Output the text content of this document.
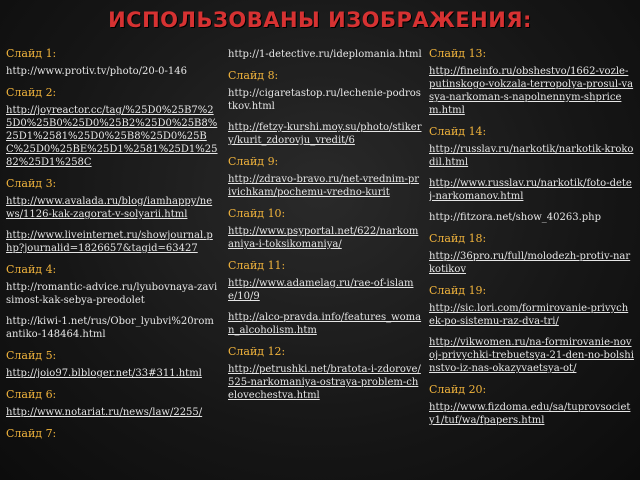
ИСПОЛЬЗОВАНЫ ИЗОБРАЖЕНИЯ:
Слайд 1:
http://www.protiv.tv/photo/20-0-146
Слайд 2:
http://joyreactor.cc/tag/%25D0%25B7%25D0%25B0%25D0%25B2%25D0%25B8%25D1%2581%25D0%25B8%25D0%25BC%25D0%25BE%25D1%2581%25D1%2582%25D1%258C
Слайд 3:
http://www.avalada.ru/blog/iamhappy/news/1126-kak-zagorat-v-solyarii.html
http://www.liveinternet.ru/showjournal.php?journalid=1826657&tagid=63427
Слайд 4:
http://romantic-advice.ru/lyubovnaya-zavisimost-kak-sebya-preodolet
http://kiwi-1.net/rus/Obor_lyubvi%20romantiko-148464.html
Слайд 5:
http://joio97.blbloger.net/33#311.html
Слайд 6:
http://www.notariat.ru/news/law/2255/
Слайд 7:
http://1-detective.ru/ideplomania.html
Слайд 8:
http://cigaretastop.ru/lechenie-podrostkov.html
http://fetzy-kurshi.moy.su/photo/stikery/kurit_zdorovju_vredit/6
Слайд 9:
http://zdravo-bravo.ru/net-vrednim-privichkam/pochemu-vredno-kurit
Слайд 10:
http://www.psyportal.net/622/narkomaniya-i-toksikomaniya/
Слайд 11:
http://www.adamelag.ru/rae-of-islame/10/9
http://alco-pravda.info/features_woman_alcoholism.htm
Слайд 12:
http://petrushki.net/bratota-i-zdorove/525-narkomaniya-ostraya-problem-chelovechestva.html
Слайд 13:
http://fineinfo.ru/obshestvo/1662-vozle-putinskogo-vokzala-terropolya-prosul-vasya-narkoman-s-napolnennym-shpricem.html
Слайд 14:
http://russlav.ru/narkotik/narkotik-krokodil.html
http://www.russlav.ru/narkotik/foto-detej-narkomanov.html
http://fitzora.net/show_40263.php
Слайд 18:
http://36pro.ru/full/molodezh-protiv-narkotikov
Слайд 19:
http://sic.lori.com/formirovanie-privychek-po-sistemu-raz-dva-tri/
http://vikwomen.ru/na-formirovanie-novoj-privychki-trebuetsya-21-den-no-bolshinstvo-iz-nas-okazyvaetsya-ot/
Слайд 20:
http://www.fizdoma.edu/sa/tuprovsociety1/tuf/wa/fpapers.html
